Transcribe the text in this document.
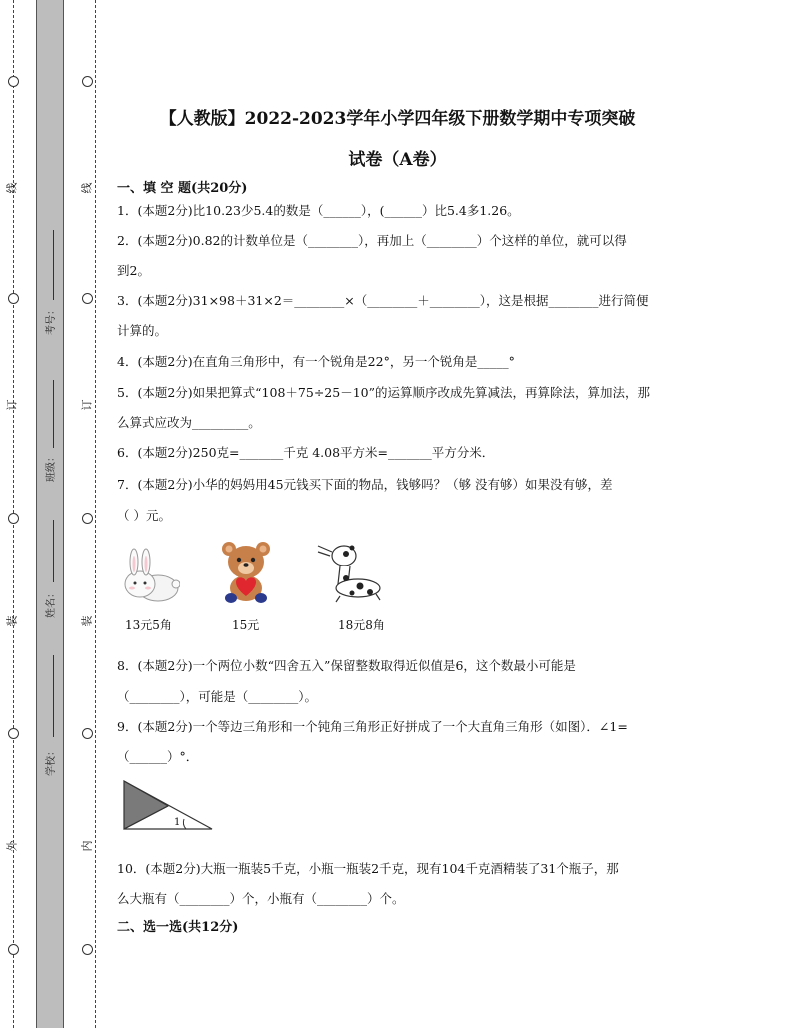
线
订
装
外
线
订
装
内
考号：
班级：
姓名：
学校：
【人教版】2022-2023学年小学四年级下册数学期中专项突破
试卷（A卷）
一、填 空 题(共20分)
1．(本题2分)比10.23少5.4的数是（______），(______）比5.4多1.26。
2．(本题2分)0.82的计数单位是（________），再加上（________）个这样的单位，就可以得
到2。
3．(本题2分)31×98＋31×2＝________×（________＋________），这是根据________进行简便
计算的。
4．(本题2分)在直角三角形中，有一个锐角是22°，另一个锐角是_____°
5．(本题2分)如果把算式“108＋75÷25－10”的运算顺序改成先算减法，再算除法，算加法，那
么算式应改为_________。
6．(本题2分)250克=_______千克 4.08平方米=_______平方分米．
7．(本题2分)小华的妈妈用45元钱买下面的物品，钱够吗？（够 没有够）如果没有够，差
（ ）元。
13元5角	15元	18元8角
8．(本题2分)一个两位小数“四舍五入”保留整数取得近似值是6，这个数最小可能是
（________），可能是（________）。
9．(本题2分)一个等边三角形和一个钝角三角形正好拼成了一个大直角三角形（如图）．∠1=
（______）°．
1
10．(本题2分)大瓶一瓶装5千克，小瓶一瓶装2千克，现有104千克酒精装了31个瓶子，那
么大瓶有（________）个，小瓶有（________）个。
二、选一选(共12分)
